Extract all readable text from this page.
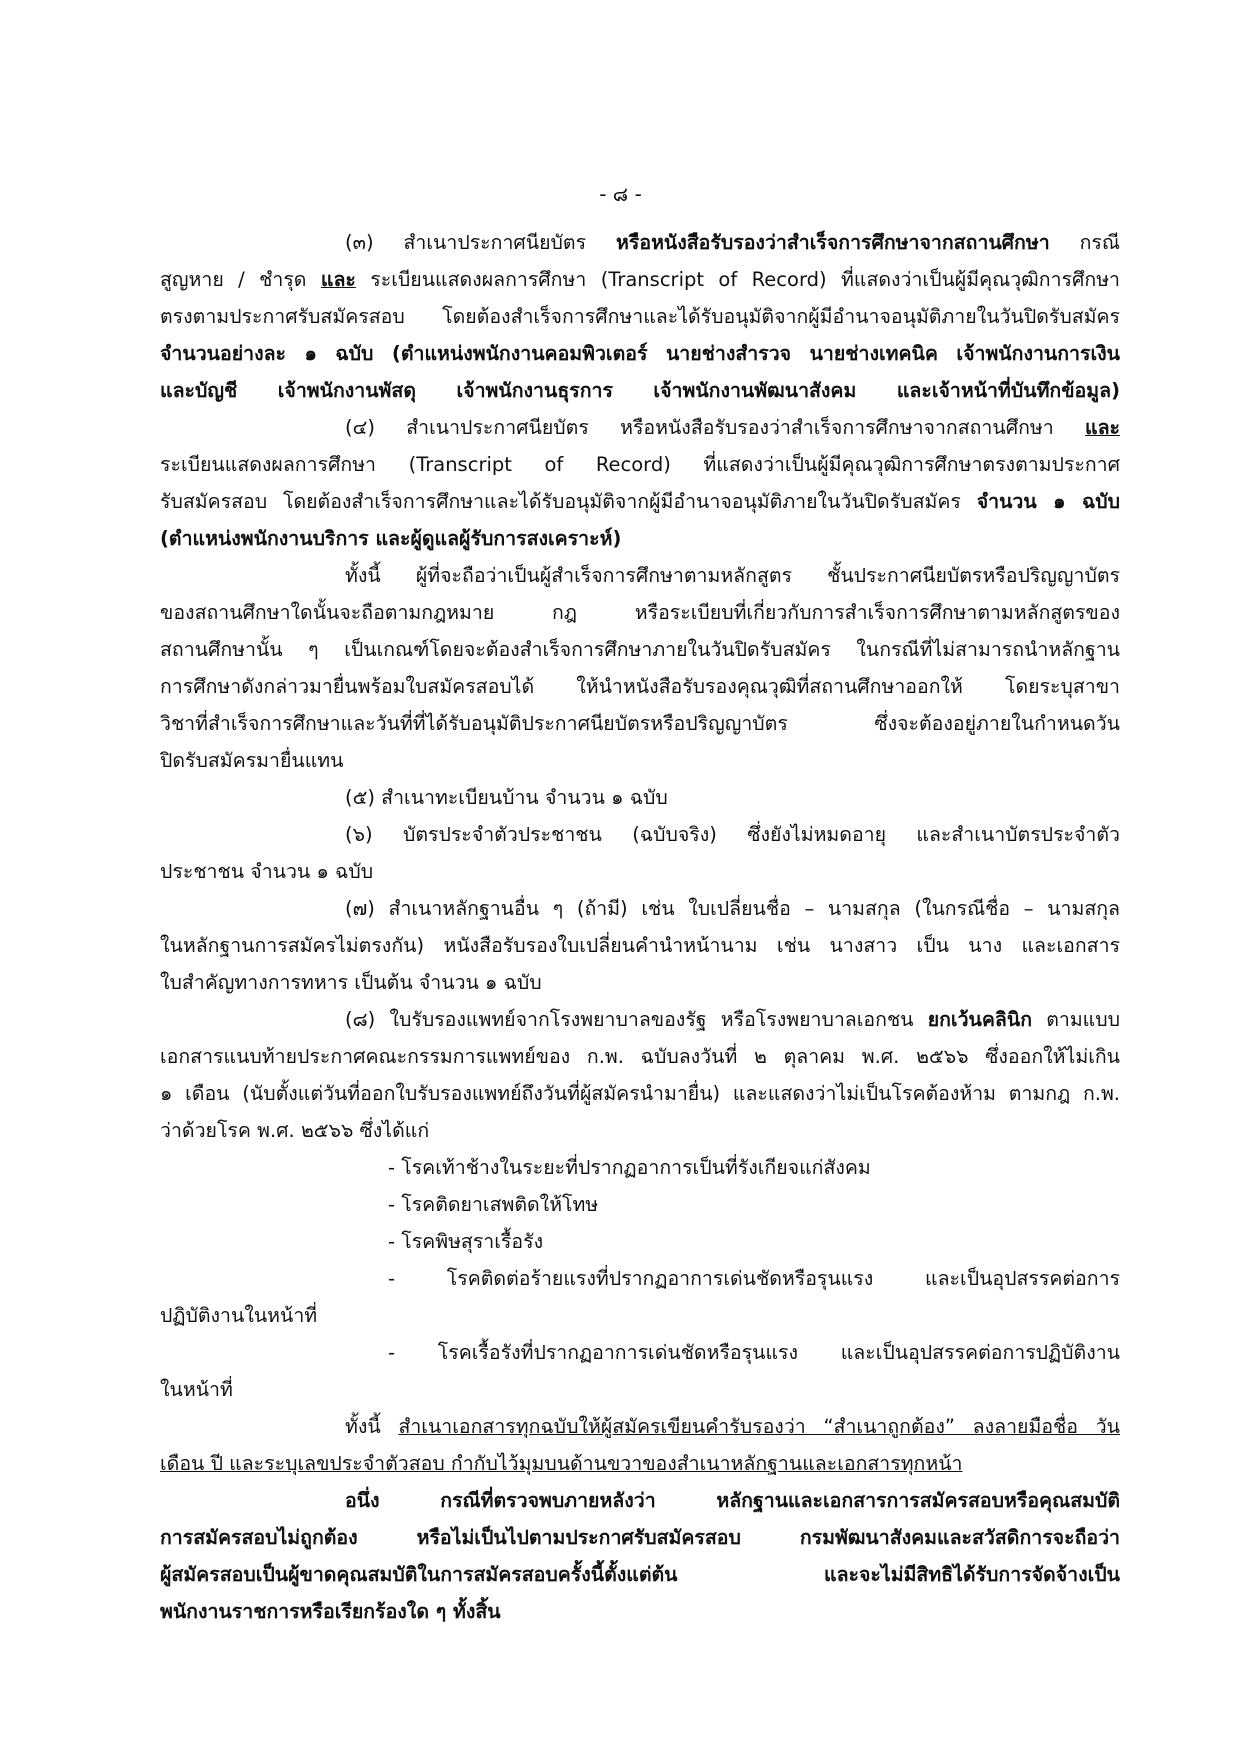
- ๘ -
(๓) สำเนาประกาศนียบัตร หรือหนังสือรับรองว่าสำเร็จการศึกษาจากสถานศึกษา กรณี
สูญหาย / ชำรุด และ ระเบียนแสดงผลการศึกษา (Transcript of Record) ที่แสดงว่าเป็นผู้มีคุณวุฒิการศึกษา
ตรงตามประกาศรับสมัครสอบ โดยต้องสำเร็จการศึกษาและได้รับอนุมัติจากผู้มีอำนาจอนุมัติภายในวันปิดรับสมัคร
จำนวนอย่างละ ๑ ฉบับ (ตำแหน่งพนักงานคอมพิวเตอร์ นายช่างสำรวจ นายช่างเทคนิค เจ้าพนักงานการเงิน
และบัญชี เจ้าพนักงานพัสดุ เจ้าพนักงานธุรการ เจ้าพนักงานพัฒนาสังคม และเจ้าหน้าที่บันทึกข้อมูล)
(๔) สำเนาประกาศนียบัตร หรือหนังสือรับรองว่าสำเร็จการศึกษาจากสถานศึกษา และ
ระเบียนแสดงผลการศึกษา (Transcript of Record) ที่แสดงว่าเป็นผู้มีคุณวุฒิการศึกษาตรงตามประกาศ
รับสมัครสอบ โดยต้องสำเร็จการศึกษาและได้รับอนุมัติจากผู้มีอำนาจอนุมัติภายในวันปิดรับสมัคร จำนวน ๑ ฉบับ
(ตำแหน่งพนักงานบริการ และผู้ดูแลผู้รับการสงเคราะห์)
ทั้งนี้ ผู้ที่จะถือว่าเป็นผู้สำเร็จการศึกษาตามหลักสูตร ชั้นประกาศนียบัตรหรือปริญญาบัตร
ของสถานศึกษาใดนั้นจะถือตามกฎหมาย กฎ หรือระเบียบที่เกี่ยวกับการสำเร็จการศึกษาตามหลักสูตรของ
สถานศึกษานั้น ๆ เป็นเกณฑ์โดยจะต้องสำเร็จการศึกษาภายในวันปิดรับสมัคร ในกรณีที่ไม่สามารถนำหลักฐาน
การศึกษาดังกล่าวมายื่นพร้อมใบสมัครสอบได้ ให้นำหนังสือรับรองคุณวุฒิที่สถานศึกษาออกให้ โดยระบุสาขา
วิชาที่สำเร็จการศึกษาและวันที่ที่ได้รับอนุมัติประกาศนียบัตรหรือปริญญาบัตร ซึ่งจะต้องอยู่ภายในกำหนดวัน
ปิดรับสมัครมายื่นแทน
(๕) สำเนาทะเบียนบ้าน จำนวน ๑ ฉบับ
(๖) บัตรประจำตัวประชาชน (ฉบับจริง) ซึ่งยังไม่หมดอายุ และสำเนาบัตรประจำตัว
ประชาชน จำนวน ๑ ฉบับ
(๗) สำเนาหลักฐานอื่น ๆ (ถ้ามี) เช่น ใบเปลี่ยนชื่อ – นามสกุล (ในกรณีชื่อ – นามสกุล
ในหลักฐานการสมัครไม่ตรงกัน) หนังสือรับรองใบเปลี่ยนคำนำหน้านาม เช่น นางสาว เป็น นาง และเอกสาร
ใบสำคัญทางการทหาร เป็นต้น จำนวน ๑ ฉบับ
(๘) ใบรับรองแพทย์จากโรงพยาบาลของรัฐ หรือโรงพยาบาลเอกชน ยกเว้นคลินิก ตามแบบ
เอกสารแนบท้ายประกาศคณะกรรมการแพทย์ของ ก.พ. ฉบับลงวันที่ ๒ ตุลาคม พ.ศ. ๒๕๖๖ ซึ่งออกให้ไม่เกิน
๑ เดือน (นับตั้งแต่วันที่ออกใบรับรองแพทย์ถึงวันที่ผู้สมัครนำมายื่น) และแสดงว่าไม่เป็นโรคต้องห้าม ตามกฎ ก.พ.
ว่าด้วยโรค พ.ศ. ๒๕๖๖ ซึ่งได้แก่
- โรคเท้าช้างในระยะที่ปรากฏอาการเป็นที่รังเกียจแก่สังคม
- โรคติดยาเสพติดให้โทษ
- โรคพิษสุราเรื้อรัง
- โรคติดต่อร้ายแรงที่ปรากฏอาการเด่นชัดหรือรุนแรง และเป็นอุปสรรคต่อการ
ปฏิบัติงานในหน้าที่
- โรคเรื้อรังที่ปรากฏอาการเด่นชัดหรือรุนแรง และเป็นอุปสรรคต่อการปฏิบัติงาน
ในหน้าที่
ทั้งนี้ สำเนาเอกสารทุกฉบับให้ผู้สมัครเขียนคำรับรองว่า “สำเนาถูกต้อง” ลงลายมือชื่อ วัน
เดือน ปี และระบุเลขประจำตัวสอบ กำกับไว้มุมบนด้านขวาของสำเนาหลักฐานและเอกสารทุกหน้า
อนึ่ง กรณีที่ตรวจพบภายหลังว่า หลักฐานและเอกสารการสมัครสอบหรือคุณสมบัติ
การสมัครสอบไม่ถูกต้อง หรือไม่เป็นไปตามประกาศรับสมัครสอบ กรมพัฒนาสังคมและสวัสดิการจะถือว่า
ผู้สมัครสอบเป็นผู้ขาดคุณสมบัติในการสมัครสอบครั้งนี้ตั้งแต่ต้น และจะไม่มีสิทธิได้รับการจัดจ้างเป็น
พนักงานราชการหรือเรียกร้องใด ๆ ทั้งสิ้น
